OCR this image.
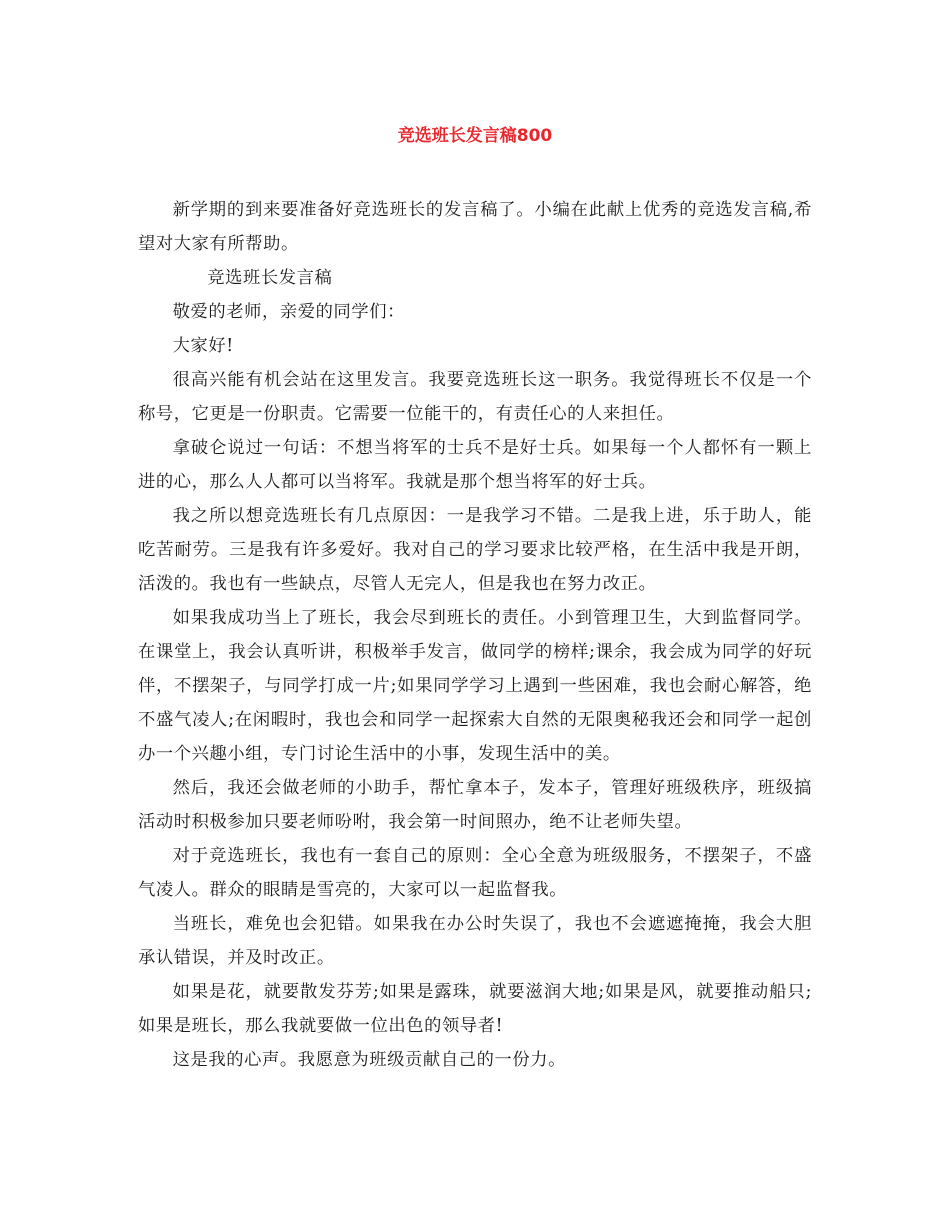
竞选班长发言稿800

新学期的到来要准备好竞选班长的发言稿了。小编在此献上优秀的竞选发言稿,希望对大家有所帮助。

竞选班长发言稿

敬爱的老师，亲爱的同学们：

大家好!

很高兴能有机会站在这里发言。我要竞选班长这一职务。我觉得班长不仅是一个称号，它更是一份职责。它需要一位能干的，有责任心的人来担任。

拿破仑说过一句话：不想当将军的士兵不是好士兵。如果每一个人都怀有一颗上进的心，那么人人都可以当将军。我就是那个想当将军的好士兵。

我之所以想竞选班长有几点原因：一是我学习不错。二是我上进，乐于助人，能吃苦耐劳。三是我有许多爱好。我对自己的学习要求比较严格，在生活中我是开朗，活泼的。我也有一些缺点，尽管人无完人，但是我也在努力改正。

如果我成功当上了班长，我会尽到班长的责任。小到管理卫生，大到监督同学。在课堂上，我会认真听讲，积极举手发言，做同学的榜样;课余，我会成为同学的好玩伴，不摆架子，与同学打成一片;如果同学学习上遇到一些困难，我也会耐心解答，绝不盛气凌人;在闲暇时，我也会和同学一起探索大自然的无限奥秘我还会和同学一起创办一个兴趣小组，专门讨论生活中的小事，发现生活中的美。

然后，我还会做老师的小助手，帮忙拿本子，发本子，管理好班级秩序，班级搞活动时积极参加只要老师吩咐，我会第一时间照办，绝不让老师失望。

对于竞选班长，我也有一套自己的原则：全心全意为班级服务，不摆架子，不盛气凌人。群众的眼睛是雪亮的，大家可以一起监督我。

当班长，难免也会犯错。如果我在办公时失误了，我也不会遮遮掩掩，我会大胆承认错误，并及时改正。

如果是花，就要散发芬芳;如果是露珠，就要滋润大地;如果是风，就要推动船只;如果是班长，那么我就要做一位出色的领导者!

这是我的心声。我愿意为班级贡献自己的一份力。
